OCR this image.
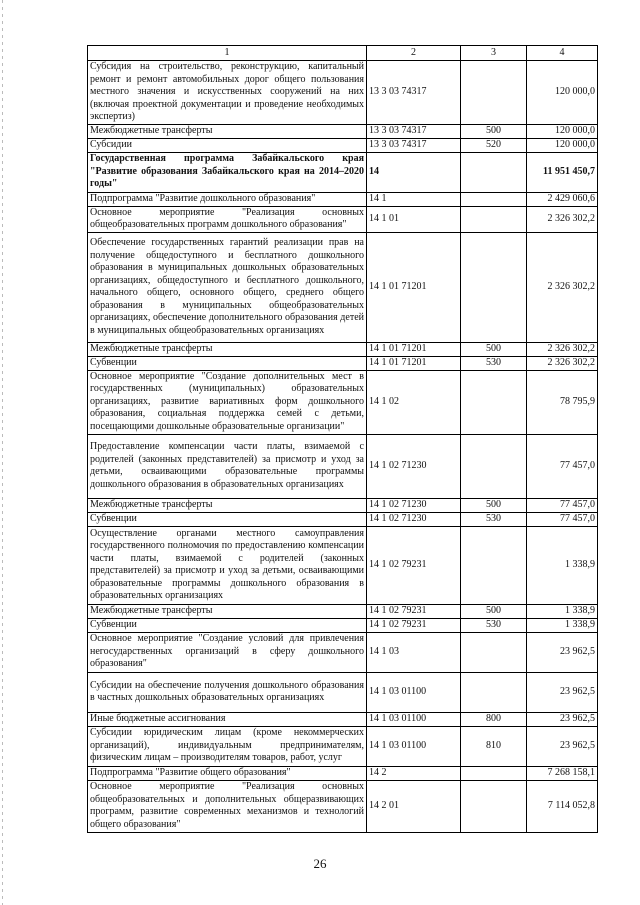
1	2	3	4
Субсидия на строительство, реконструкцию, капитальный ремонт и ремонт автомобильных дорог общего пользования местного значения и искусственных сооружений на них (включая проектной документации и проведение необходимых экспертиз)	13 3 03 74317		120 000,0
Межбюджетные трансферты	13 3 03 74317	500	120 000,0
Субсидии	13 3 03 74317	520	120 000,0
Государственная программа Забайкальского края "Развитие образования Забайкальского края на 2014–2020 годы"	14		11 951 450,7
Подпрограмма "Развитие дошкольного образования"	14 1		2 429 060,6
Основное мероприятие "Реализация основных общеобразовательных программ дошкольного образования"	14 1 01		2 326 302,2
Обеспечение государственных гарантий реализации прав на получение общедоступного и бесплатного дошкольного образования в муниципальных дошкольных образовательных организациях, общедоступного и бесплатного дошкольного, начального общего, основного общего, среднего общего образования в муниципальных общеобразовательных организациях, обеспечение дополнительного образования детей в муниципальных общеобразовательных организациях	14 1 01 71201		2 326 302,2
Межбюджетные трансферты	14 1 01 71201	500	2 326 302,2
Субвенции	14 1 01 71201	530	2 326 302,2
Основное мероприятие "Создание дополнительных мест в государственных (муниципальных) образовательных организациях, развитие вариативных форм дошкольного образования, социальная поддержка семей с детьми, посещающими дошкольные образовательные организации"	14 1 02		78 795,9
Предоставление компенсации части платы, взимаемой с родителей (законных представителей) за присмотр и уход за детьми, осваивающими образовательные программы дошкольного образования в образовательных организациях	14 1 02 71230		77 457,0
Межбюджетные трансферты	14 1 02 71230	500	77 457,0
Субвенции	14 1 02 71230	530	77 457,0
Осуществление органами местного самоуправления государственного полномочия по предоставлению компенсации части платы, взимаемой с родителей (законных представителей) за присмотр и уход за детьми, осваивающими образовательные программы дошкольного образования в образовательных организациях	14 1 02 79231		1 338,9
Межбюджетные трансферты	14 1 02 79231	500	1 338,9
Субвенции	14 1 02 79231	530	1 338,9
Основное мероприятие "Создание условий для привлечения негосударственных организаций в сферу дошкольного образования"	14 1 03		23 962,5
Субсидии на обеспечение получения дошкольного образования в частных дошкольных образовательных организациях	14 1 03 01100		23 962,5
Иные бюджетные ассигнования	14 1 03 01100	800	23 962,5
Субсидии юридическим лицам (кроме некоммерческих организаций), индивидуальным предпринимателям, физическим лицам – производителям товаров, работ, услуг	14 1 03 01100	810	23 962,5
Подпрограмма "Развитие общего образования"	14 2		7 268 158,1
Основное мероприятие "Реализация основных общеобразовательных и дополнительных общеразвивающих программ, развитие современных механизмов и технологий общего образования"	14 2 01		7 114 052,8
26
